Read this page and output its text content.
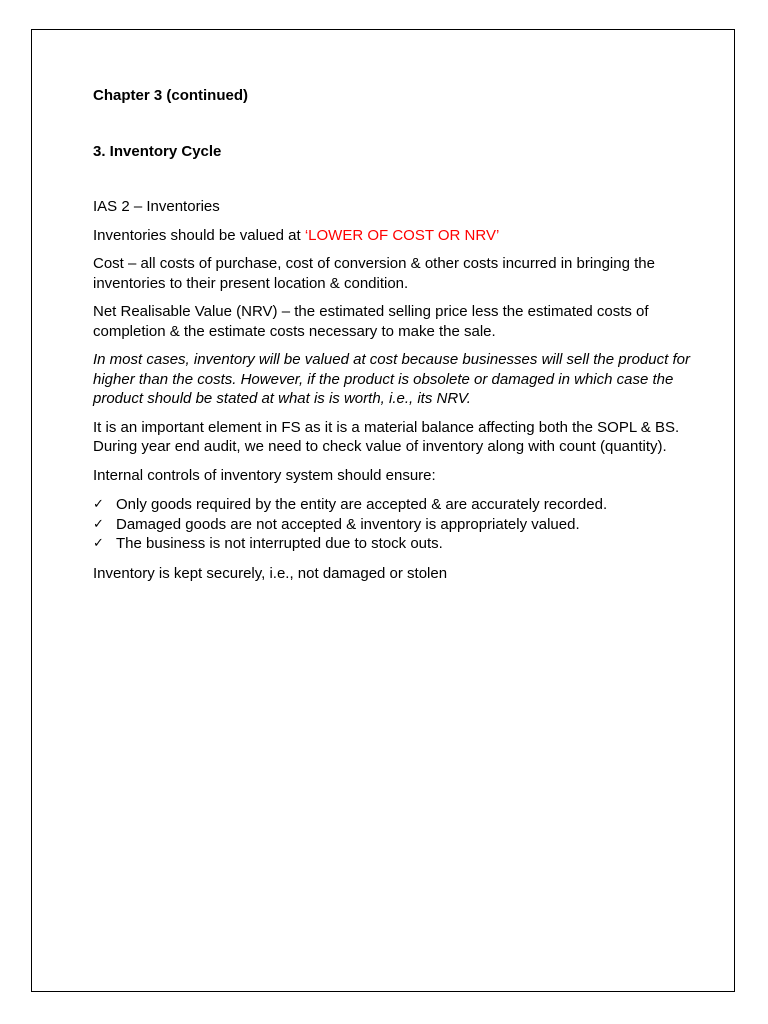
Chapter 3 (continued)

3. Inventory Cycle

IAS 2 – Inventories

Inventories should be valued at ‘LOWER OF COST OR NRV’

Cost – all costs of purchase, cost of conversion & other costs incurred in bringing the inventories to their present location & condition.

Net Realisable Value (NRV) – the estimated selling price less the estimated costs of completion & the estimate costs necessary to make the sale.

In most cases, inventory will be valued at cost because businesses will sell the product for higher than the costs. However, if the product is obsolete or damaged in which case the product should be stated at what is is worth, i.e., its NRV.

It is an important element in FS as it is a material balance affecting both the SOPL & BS. During year end audit, we need to check value of inventory along with count (quantity).

Internal controls of inventory system should ensure:

✓ Only goods required by the entity are accepted & are accurately recorded.
✓ Damaged goods are not accepted & inventory is appropriately valued.
✓ The business is not interrupted due to stock outs.

Inventory is kept securely, i.e., not damaged or stolen
